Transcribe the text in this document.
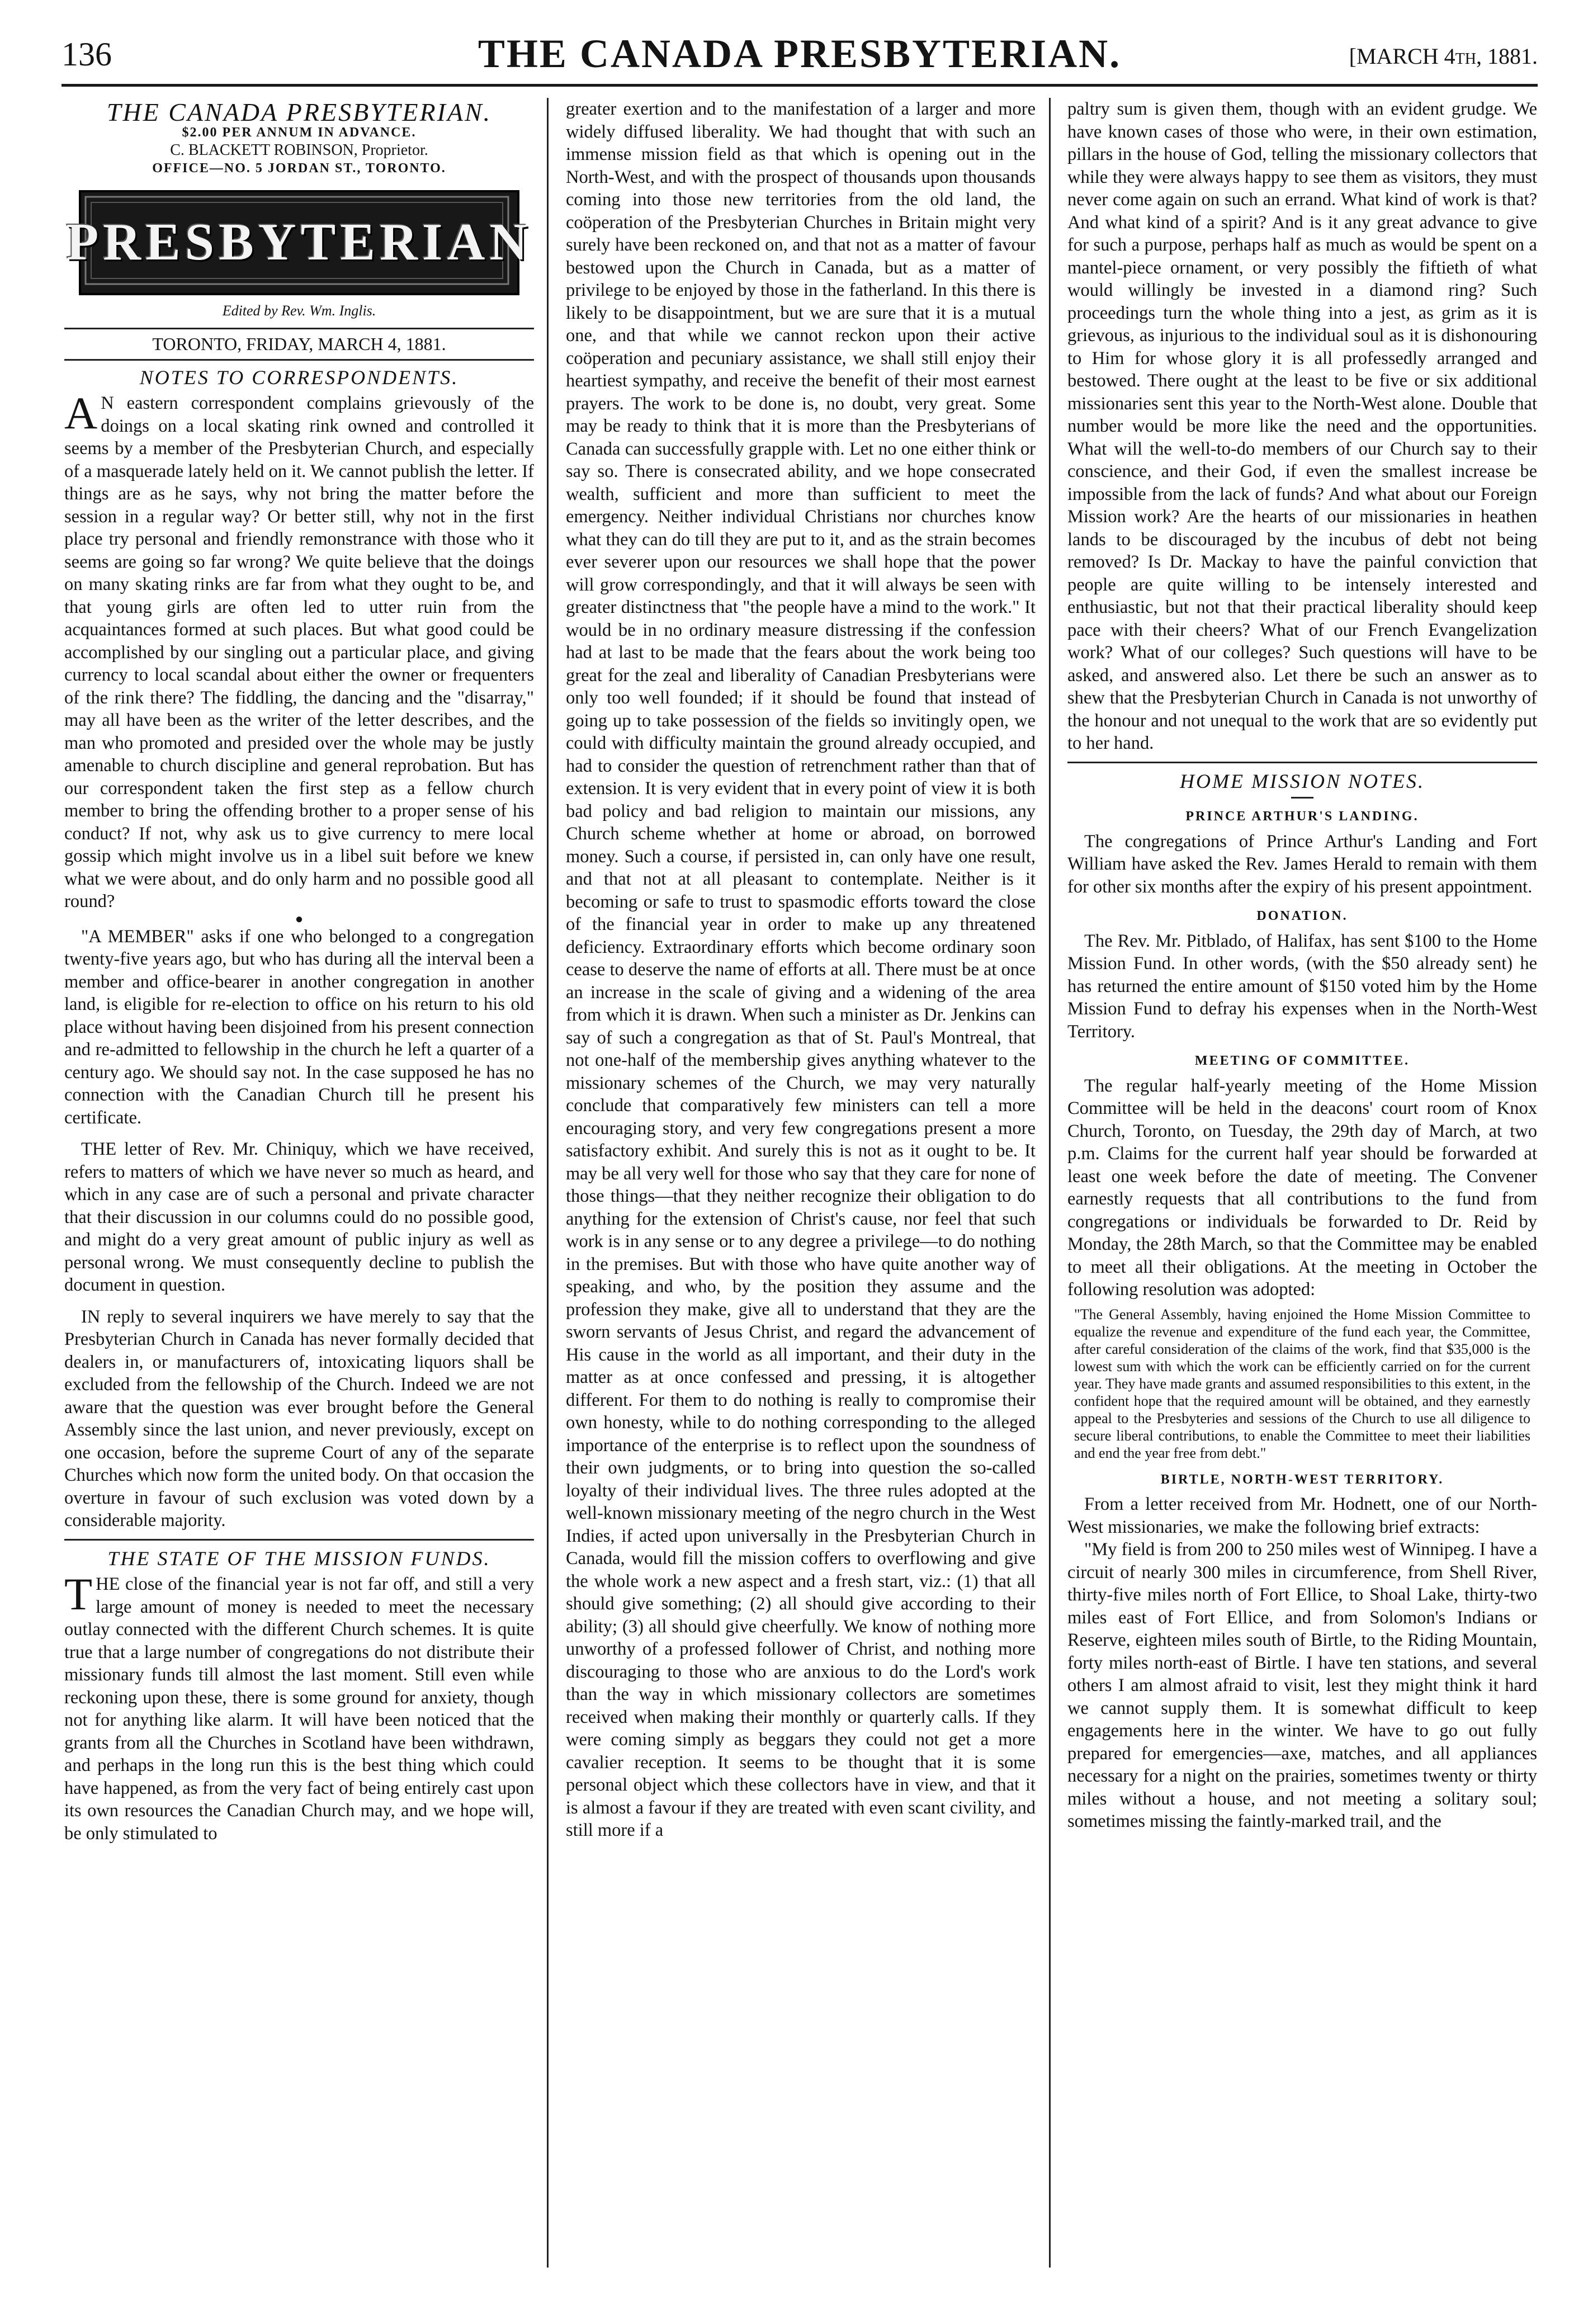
136	THE CANADA PRESBYTERIAN.	[MARCH 4th, 1881.
THE CANADA PRESBYTERIAN.
$2.00 PER ANNUM IN ADVANCE.
C. BLACKETT ROBINSON, Proprietor.
OFFICE—NO. 5 JORDAN ST., TORONTO.
PRESBYTERIAN
Edited by Rev. Wm. Inglis.
TORONTO, FRIDAY, MARCH 4, 1881.
NOTES TO CORRESPONDENTS.

A N eastern correspondent complains grievously of the doings on a local skating rink owned and controlled it seems by a member of the Presbyterian Church, and especially of a masquerade lately held on it. We cannot publish the letter. If things are as he says, why not bring the matter before the session in a regular way? Or better still, why not in the first place try personal and friendly remonstrance with those who it seems are going so far wrong? We quite believe that the doings on many skating rinks are far from what they ought to be, and that young girls are often led to utter ruin from the acquaintances formed at such places. But what good could be accomplished by our singling out a particular place, and giving currency to local scandal about either the owner or frequenters of the rink there? The fiddling, the dancing and the "disarray," may all have been as the writer of the letter describes, and the man who promoted and presided over the whole may be justly amenable to church discipline and general reprobation. But has our correspondent taken the first step as a fellow church member to bring the offending brother to a proper sense of his conduct? If not, why ask us to give currency to mere local gossip which might involve us in a libel suit before we knew what we were about, and do only harm and no possible good all round?

●

"A MEMBER" asks if one who belonged to a congregation twenty-five years ago, but who has during all the interval been a member and office-bearer in another congregation in another land, is eligible for re-election to office on his return to his old place without having been disjoined from his present connection and re-admitted to fellowship in the church he left a quarter of a century ago. We should say not. In the case supposed he has no connection with the Canadian Church till he present his certificate.

THE letter of Rev. Mr. Chiniquy, which we have received, refers to matters of which we have never so much as heard, and which in any case are of such a personal and private character that their discussion in our columns could do no possible good, and might do a very great amount of public injury as well as personal wrong. We must consequently decline to publish the document in question.

IN reply to several inquirers we have merely to say that the Presbyterian Church in Canada has never formally decided that dealers in, or manufacturers of, intoxicating liquors shall be excluded from the fellowship of the Church. Indeed we are not aware that the question was ever brought before the General Assembly since the last union, and never previously, except on one occasion, before the supreme Court of any of the separate Churches which now form the united body. On that occasion the overture in favour of such exclusion was voted down by a considerable majority.

THE STATE OF THE MISSION FUNDS.

THE close of the financial year is not far off, and still a very large amount of money is needed to meet the necessary outlay connected with the different Church schemes. It is quite true that a large number of congregations do not distribute their missionary funds till almost the last moment. Still even while reckoning upon these, there is some ground for anxiety, though not for anything like alarm. It will have been noticed that the grants from all the Churches in Scotland have been withdrawn, and perhaps in the long run this is the best thing which could have happened, as from the very fact of being entirely cast upon its own resources the Canadian Church may, and we hope will, be only stimulated to

greater exertion and to the manifestation of a larger and more widely diffused liberality. We had thought that with such an immense mission field as that which is opening out in the North-West, and with the prospect of thousands upon thousands coming into those new territories from the old land, the coöperation of the Presbyterian Churches in Britain might very surely have been reckoned on, and that not as a matter of favour bestowed upon the Church in Canada, but as a matter of privilege to be enjoyed by those in the fatherland. In this there is likely to be disappointment, but we are sure that it is a mutual one, and that while we cannot reckon upon their active coöperation and pecuniary assistance, we shall still enjoy their heartiest sympathy, and receive the benefit of their most earnest prayers. The work to be done is, no doubt, very great. Some may be ready to think that it is more than the Presbyterians of Canada can successfully grapple with. Let no one either think or say so. There is consecrated ability, and we hope consecrated wealth, sufficient and more than sufficient to meet the emergency. Neither individual Christians nor churches know what they can do till they are put to it, and as the strain becomes ever severer upon our resources we shall hope that the power will grow correspondingly, and that it will always be seen with greater distinctness that "the people have a mind to the work." It would be in no ordinary measure distressing if the confession had at last to be made that the fears about the work being too great for the zeal and liberality of Canadian Presbyterians were only too well founded; if it should be found that instead of going up to take possession of the fields so invitingly open, we could with difficulty maintain the ground already occupied, and had to consider the question of retrenchment rather than that of extension. It is very evident that in every point of view it is both bad policy and bad religion to maintain our missions, any Church scheme whether at home or abroad, on borrowed money. Such a course, if persisted in, can only have one result, and that not at all pleasant to contemplate. Neither is it becoming or safe to trust to spasmodic efforts toward the close of the financial year in order to make up any threatened deficiency. Extraordinary efforts which become ordinary soon cease to deserve the name of efforts at all. There must be at once an increase in the scale of giving and a widening of the area from which it is drawn. When such a minister as Dr. Jenkins can say of such a congregation as that of St. Paul's Montreal, that not one-half of the membership gives anything whatever to the missionary schemes of the Church, we may very naturally conclude that comparatively few ministers can tell a more encouraging story, and very few congregations present a more satisfactory exhibit. And surely this is not as it ought to be. It may be all very well for those who say that they care for none of those things—that they neither recognize their obligation to do anything for the extension of Christ's cause, nor feel that such work is in any sense or to any degree a privilege—to do nothing in the premises. But with those who have quite another way of speaking, and who, by the position they assume and the profession they make, give all to understand that they are the sworn servants of Jesus Christ, and regard the advancement of His cause in the world as all important, and their duty in the matter as at once confessed and pressing, it is altogether different. For them to do nothing is really to compromise their own honesty, while to do nothing corresponding to the alleged importance of the enterprise is to reflect upon the soundness of their own judgments, or to bring into question the so-called loyalty of their individual lives. The three rules adopted at the well-known missionary meeting of the negro church in the West Indies, if acted upon universally in the Presbyterian Church in Canada, would fill the mission coffers to overflowing and give the whole work a new aspect and a fresh start, viz.: (1) that all should give something; (2) all should give according to their ability; (3) all should give cheerfully. We know of nothing more unworthy of a professed follower of Christ, and nothing more discouraging to those who are anxious to do the Lord's work than the way in which missionary collectors are sometimes received when making their monthly or quarterly calls. If they were coming simply as beggars they could not get a more cavalier reception. It seems to be thought that it is some personal object which these collectors have in view, and that it is almost a favour if they are treated with even scant civility, and still more if a

paltry sum is given them, though with an evident grudge. We have known cases of those who were, in their own estimation, pillars in the house of God, telling the missionary collectors that while they were always happy to see them as visitors, they must never come again on such an errand. What kind of work is that? And what kind of a spirit? And is it any great advance to give for such a purpose, perhaps half as much as would be spent on a mantel-piece ornament, or very possibly the fiftieth of what would willingly be invested in a diamond ring? Such proceedings turn the whole thing into a jest, as grim as it is grievous, as injurious to the individual soul as it is dishonouring to Him for whose glory it is all professedly arranged and bestowed. There ought at the least to be five or six additional missionaries sent this year to the North-West alone. Double that number would be more like the need and the opportunities. What will the well-to-do members of our Church say to their conscience, and their God, if even the smallest increase be impossible from the lack of funds? And what about our Foreign Mission work? Are the hearts of our missionaries in heathen lands to be discouraged by the incubus of debt not being removed? Is Dr. Mackay to have the painful conviction that people are quite willing to be intensely interested and enthusiastic, but not that their practical liberality should keep pace with their cheers? What of our French Evangelization work? What of our colleges? Such questions will have to be asked, and answered also. Let there be such an answer as to shew that the Presbyterian Church in Canada is not unworthy of the honour and not unequal to the work that are so evidently put to her hand.

HOME MISSION NOTES.
PRINCE ARTHUR'S LANDING.

The congregations of Prince Arthur's Landing and Fort William have asked the Rev. James Herald to remain with them for other six months after the expiry of his present appointment.

DONATION.

The Rev. Mr. Pitblado, of Halifax, has sent $100 to the Home Mission Fund. In other words, (with the $50 already sent) he has returned the entire amount of $150 voted him by the Home Mission Fund to defray his expenses when in the North-West Territory.

MEETING OF COMMITTEE.

The regular half-yearly meeting of the Home Mission Committee will be held in the deacons' court room of Knox Church, Toronto, on Tuesday, the 29th day of March, at two p.m. Claims for the current half year should be forwarded at least one week before the date of meeting. The Convener earnestly requests that all contributions to the fund from congregations or individuals be forwarded to Dr. Reid by Monday, the 28th March, so that the Committee may be enabled to meet all their obligations. At the meeting in October the following resolution was adopted:

"The General Assembly, having enjoined the Home Mission Committee to equalize the revenue and expenditure of the fund each year, the Committee, after careful consideration of the claims of the work, find that $35,000 is the lowest sum with which the work can be efficiently carried on for the current year. They have made grants and assumed responsibilities to this extent, in the confident hope that the required amount will be obtained, and they earnestly appeal to the Presbyteries and sessions of the Church to use all diligence to secure liberal contributions, to enable the Committee to meet their liabilities and end the year free from debt."
BIRTLE, NORTH-WEST TERRITORY.

From a letter received from Mr. Hodnett, one of our North-West missionaries, we make the following brief extracts:

"My field is from 200 to 250 miles west of Winnipeg. I have a circuit of nearly 300 miles in circumference, from Shell River, thirty-five miles north of Fort Ellice, to Shoal Lake, thirty-two miles east of Fort Ellice, and from Solomon's Indians or Reserve, eighteen miles south of Birtle, to the Riding Mountain, forty miles north-east of Birtle. I have ten stations, and several others I am almost afraid to visit, lest they might think it hard we cannot supply them. It is somewhat difficult to keep engagements here in the winter. We have to go out fully prepared for emergencies—axe, matches, and all appliances necessary for a night on the prairies, sometimes twenty or thirty miles without a house, and not meeting a solitary soul; sometimes missing the faintly-marked trail, and the
